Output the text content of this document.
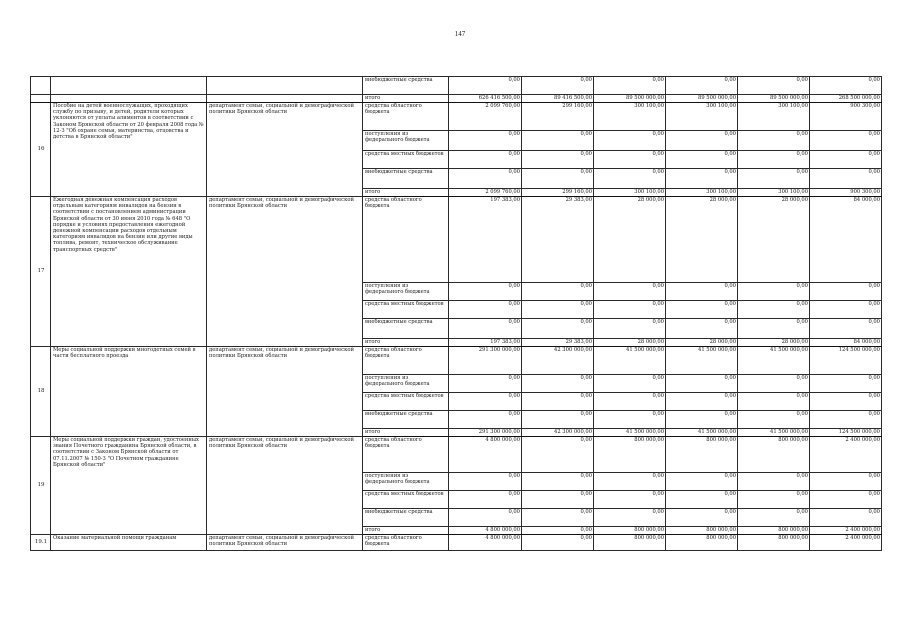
147
			внебюджетные средства	0,00	0,00	0,00	0,00	0,00	0,00
			итого	626 416 500,00	89 416 500,00	89 500 000,00	89 500 000,00	89 500 000,00	268 500 000,00
16	Пособие на детей военнослужащих, проходящих службу по призыву, и детей, родители которых уклоняются от уплаты алиментов в соответствии с Законом Брянской области от 20 февраля 2008 года № 12-З "Об охране семьи, материнства, отцовства и детства в Брянской области"	департамент семьи, социальной и демографической политики Брянской области	средства областного бюджета	2 099 760,00	299 160,00	300 100,00	300 100,00	300 100,00	900 300,00
			поступления из федерального бюджета	0,00	0,00	0,00	0,00	0,00	0,00
			средства местных бюджетов	0,00	0,00	0,00	0,00	0,00	0,00
			внебюджетные средства	0,00	0,00	0,00	0,00	0,00	0,00
			итого	2 099 760,00	299 160,00	300 100,00	300 100,00	300 100,00	900 300,00
17	Ежегодная денежная компенсация расходов отдельным категориям инвалидов на бензин в соответствии с постановлением администрации Брянской области от 30 июня 2010 года № 648 "О порядке и условиях предоставления ежегодной денежной компенсации расходов отдельным категориям инвалидов на бензин или другие виды топлива, ремонт, техническое обслуживание транспортных средств"	департамент семьи, социальной и демографической политики Брянской области	средства областного бюджета	197 383,00	29 383,00	28 000,00	28 000,00	28 000,00	84 000,00
			поступления из федерального бюджета	0,00	0,00	0,00	0,00	0,00	0,00
			средства местных бюджетов	0,00	0,00	0,00	0,00	0,00	0,00
			внебюджетные средства	0,00	0,00	0,00	0,00	0,00	0,00
			итого	197 383,00	29 383,00	28 000,00	28 000,00	28 000,00	84 000,00
18	Меры социальной поддержки многодетных семей в части бесплатного проезда	департамент семьи, социальной и демографической политики Брянской области	средства областного бюджета	291 300 000,00	42 300 000,00	41 500 000,00	41 500 000,00	41 500 000,00	124 500 000,00
			поступления из федерального бюджета	0,00	0,00	0,00	0,00	0,00	0,00
			средства местных бюджетов	0,00	0,00	0,00	0,00	0,00	0,00
			внебюджетные средства	0,00	0,00	0,00	0,00	0,00	0,00
			итого	291 300 000,00	42 300 000,00	41 500 000,00	41 500 000,00	41 500 000,00	124 500 000,00
19	Меры социальной поддержки граждан, удостоенных звания Почетного гражданина Брянской области, в соответствии с Законом Брянской области от 07.11.2007 № 150-З "О Почетном гражданине Брянской области"	департамент семьи, социальной и демографической политики Брянской области	средства областного бюджета	4 800 000,00	0,00	800 000,00	800 000,00	800 000,00	2 400 000,00
			поступления из федерального бюджета	0,00	0,00	0,00	0,00	0,00	0,00
			средства местных бюджетов	0,00	0,00	0,00	0,00	0,00	0,00
			внебюджетные средства	0,00	0,00	0,00	0,00	0,00	0,00
			итого	4 800 000,00	0,00	800 000,00	800 000,00	800 000,00	2 400 000,00
19.1	Оказание материальной помощи гражданам	департамент семьи, социальной и демографической политики Брянской области	средства областного бюджета	4 800 000,00	0,00	800 000,00	800 000,00	800 000,00	2 400 000,00
